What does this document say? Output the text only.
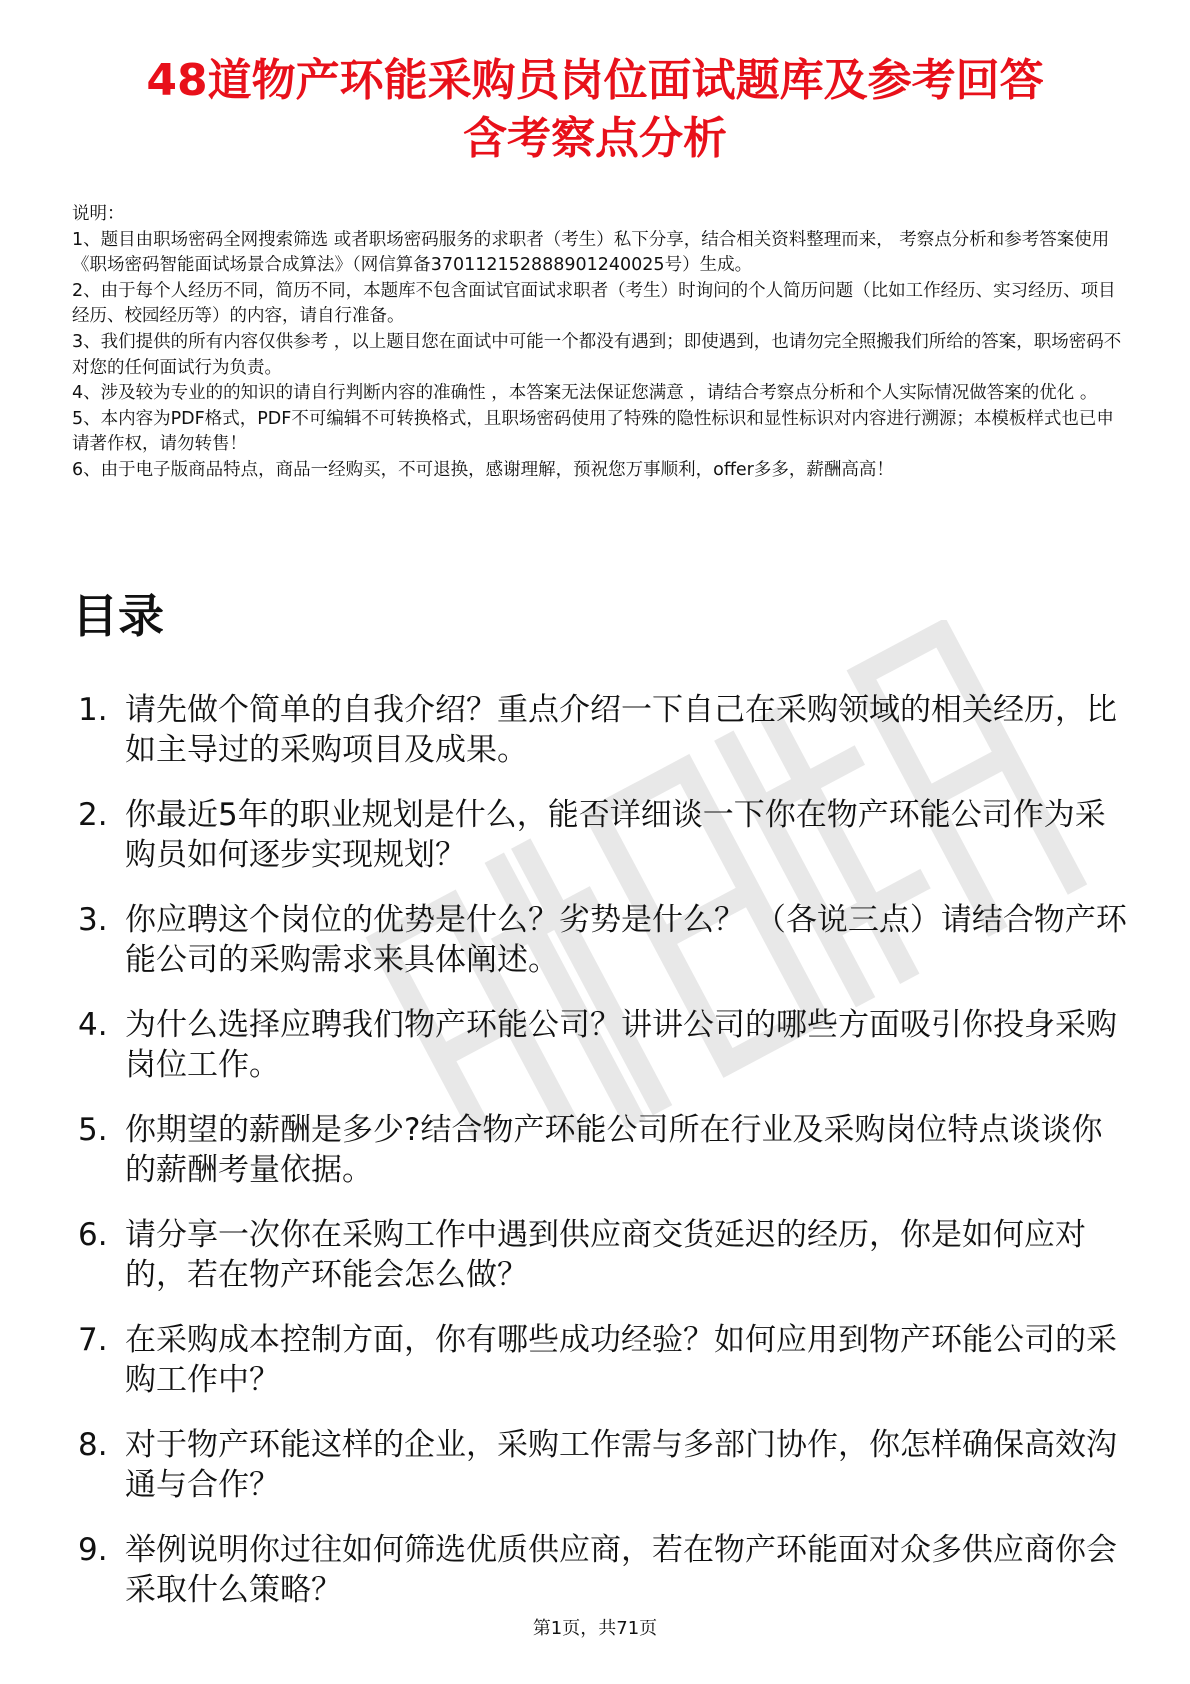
48道物产环能采购员岗位面试题库及参考回答
含考察点分析

说明：

1、题目由职场密码全网搜索筛选 或者职场密码服务的求职者（考生）私下分享，结合相关资料整理而来， 考察点分析和参考答案使用《职场密码智能面试场景合成算法》（网信算备370112152888901240025号）生成。

2、由于每个人经历不同，简历不同，本题库不包含面试官面试求职者（考生）时询问的个人简历问题（比如工作经历、实习经历、项目经历、校园经历等）的内容，请自行准备。

3、我们提供的所有内容仅供参考 ，以上题目您在面试中可能一个都没有遇到；即使遇到，也请勿完全照搬我们所给的答案，职场密码不对您的任何面试行为负责。

4、涉及较为专业的的知识的请自行判断内容的准确性 ，本答案无法保证您满意 ，请结合考察点分析和个人实际情况做答案的优化 。

5、本内容为PDF格式，PDF不可编辑不可转换格式，且职场密码使用了特殊的隐性标识和显性标识对内容进行溯源；本模板样式也已申请著作权，请勿转售！

6、由于电子版商品特点，商品一经购买，不可退换，感谢理解，预祝您万事顺利，offer多多，薪酬高高！

目录
1. 请先做个简单的自我介绍？重点介绍一下自己在采购领域的相关经历，比如主导过的采购项目及成果。
2. 你最近5年的职业规划是什么，能否详细谈一下你在物产环能公司作为采购员如何逐步实现规划？
3. 你应聘这个岗位的优势是什么？劣势是什么？ （各说三点）请结合物产环能公司的采购需求来具体阐述。
4. 为什么选择应聘我们物产环能公司？讲讲公司的哪些方面吸引你投身采购岗位工作。
5. 你期望的薪酬是多少?结合物产环能公司所在行业及采购岗位特点谈谈你的薪酬考量依据。
6. 请分享一次你在采购工作中遇到供应商交货延迟的经历，你是如何应对的，若在物产环能会怎么做？
7. 在采购成本控制方面，你有哪些成功经验？如何应用到物产环能公司的采购工作中？
8. 对于物产环能这样的企业，采购工作需与多部门协作，你怎样确保高效沟通与合作？
9. 举例说明你过往如何筛选优质供应商，若在物产环能面对众多供应商你会采取什么策略？
第1页，共71页
